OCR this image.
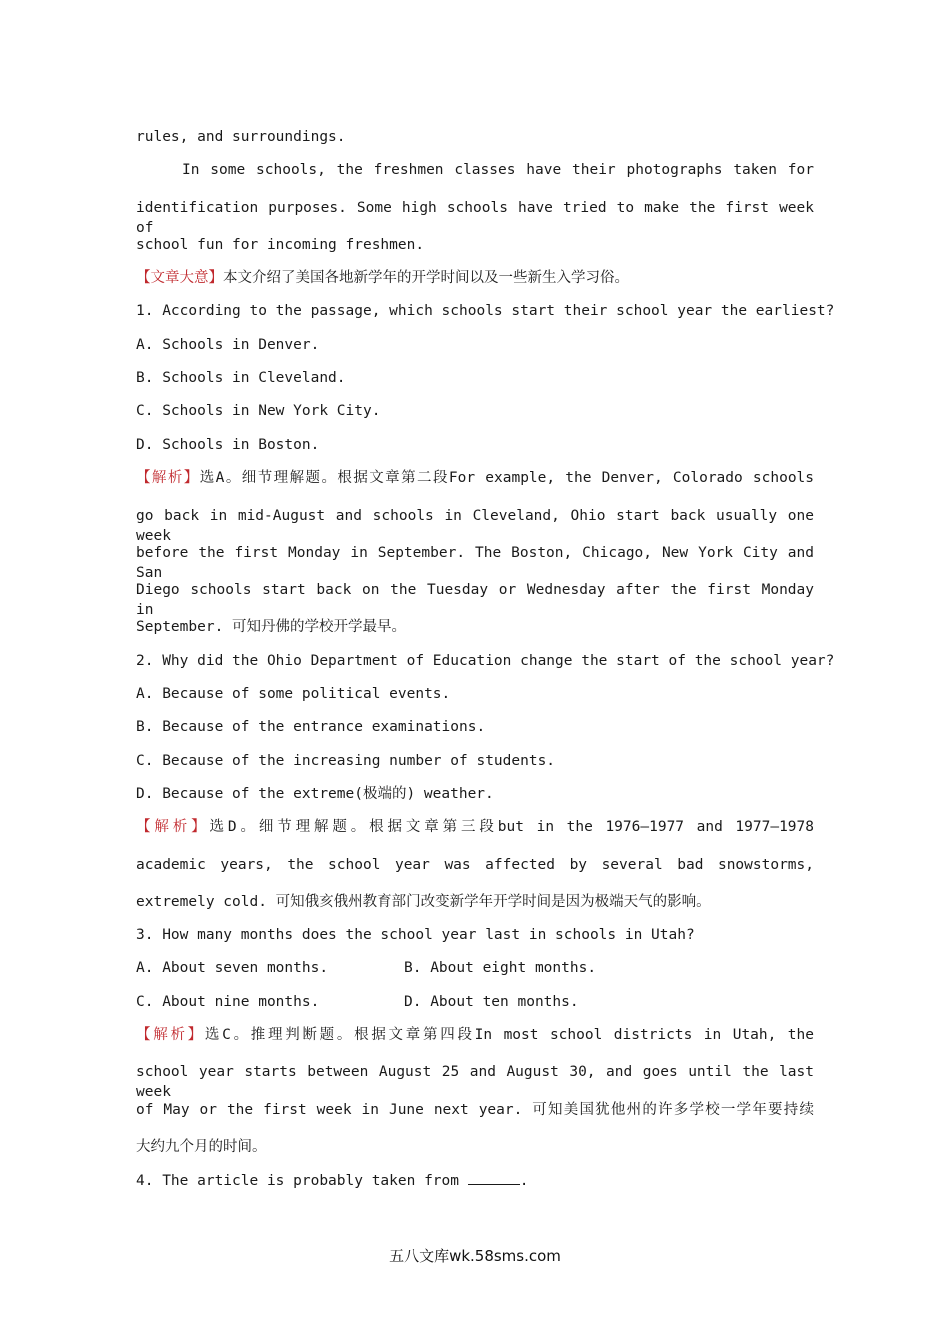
rules, and surroundings.
In some schools, the freshmen classes have their photographs taken for
identification purposes. Some high schools have tried to make the first week of
school fun for incoming freshmen.
【文章大意】本文介绍了美国各地新学年的开学时间以及一些新生入学习俗。
1. According to the passage, which schools start their school year the earliest?
A. Schools in Denver.
B. Schools in Cleveland.
C. Schools in New York City.
D. Schools in Boston.
【解析】选A。细节理解题。根据文章第二段For example, the Denver, Colorado schools
go back in mid-August and schools in Cleveland, Ohio start back usually one week
before the first Monday in September. The Boston, Chicago, New York City and San
Diego schools start back on the Tuesday or Wednesday after the first Monday in
September. 可知丹佛的学校开学最早。
2. Why did the Ohio Department of Education change the start of the school year?
A. Because of some political events.
B. Because of the entrance examinations.
C. Because of the increasing number of students.
D. Because of the extreme(极端的) weather.
【解析】选D。细节理解题。根据文章第三段but in the 1976—1977 and 1977—1978
academic years, the school year was affected by several bad snowstorms,
extremely cold. 可知俄亥俄州教育部门改变新学年开学时间是因为极端天气的影响。
3. How many months does the school year last in schools in Utah?
A. About seven months.	B. About eight months.
C. About nine months.	D. About ten months.
【解析】选C。推理判断题。根据文章第四段In most school districts in Utah, the
school year starts between August 25 and August 30, and goes until the last week
of May or the first week in June next year. 可知美国犹他州的许多学校一学年要持续
大约九个月的时间。
4. The article is probably taken from	.
五八文库wk.58sms.com
